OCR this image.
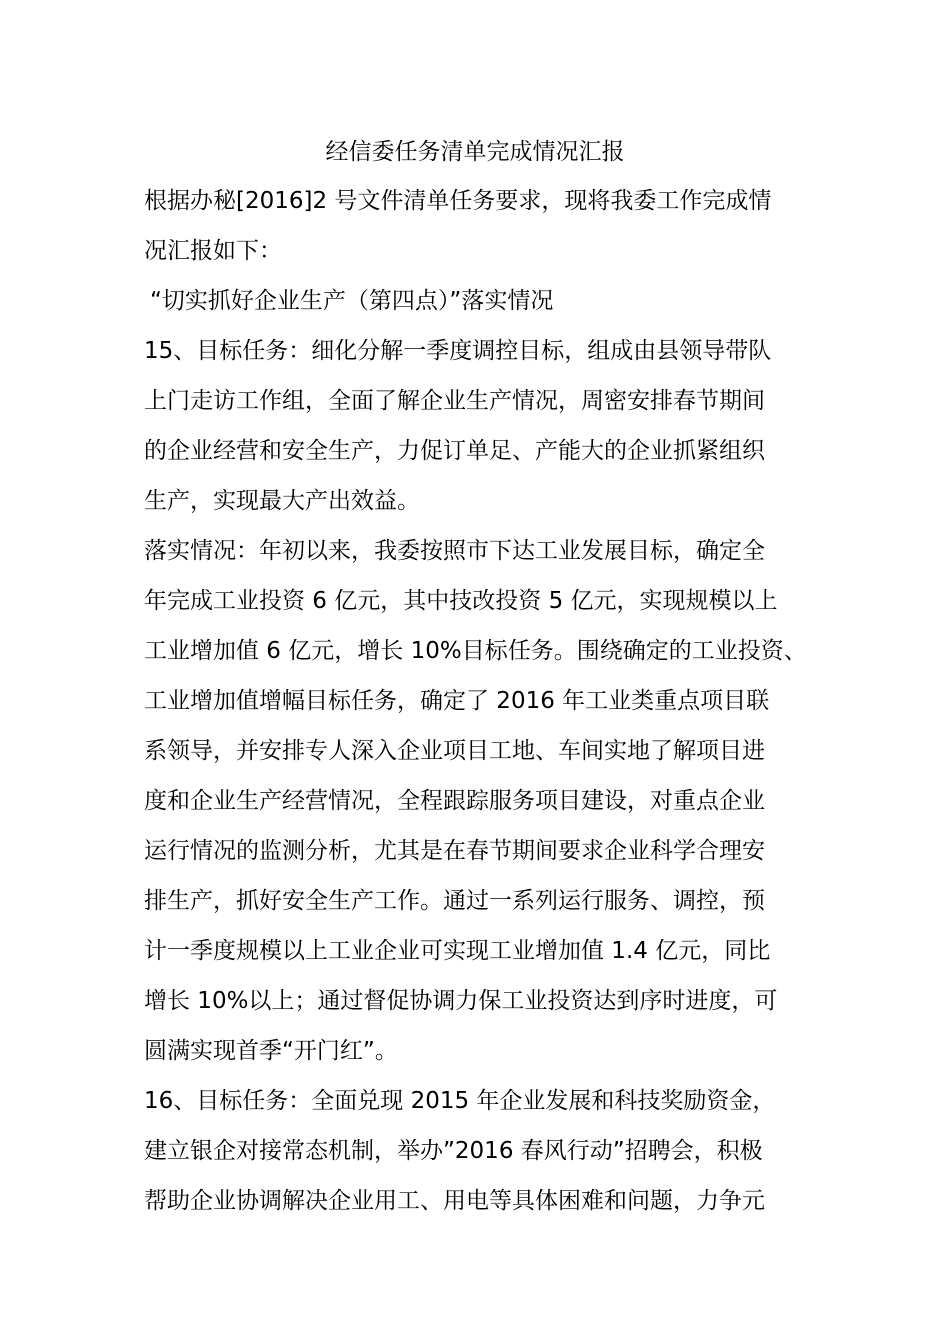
经信委任务清单完成情况汇报
根据办秘[2016]2 号文件清单任务要求，现将我委工作完成情
况汇报如下：
“切实抓好企业生产（第四点）”落实情况
15、目标任务：细化分解一季度调控目标，组成由县领导带队
上门走访工作组，全面了解企业生产情况，周密安排春节期间
的企业经营和安全生产，力促订单足、产能大的企业抓紧组织
生产，实现最大产出效益。
落实情况：年初以来，我委按照市下达工业发展目标，确定全
年完成工业投资 6 亿元，其中技改投资 5 亿元，实现规模以上
工业增加值 6 亿元，增长 10%目标任务。围绕确定的工业投资、
工业增加值增幅目标任务，确定了 2016 年工业类重点项目联
系领导，并安排专人深入企业项目工地、车间实地了解项目进
度和企业生产经营情况，全程跟踪服务项目建设，对重点企业
运行情况的监测分析，尤其是在春节期间要求企业科学合理安
排生产，抓好安全生产工作。通过一系列运行服务、调控，预
计一季度规模以上工业企业可实现工业增加值 1.4 亿元，同比
增长 10%以上；通过督促协调力保工业投资达到序时进度，可
圆满实现首季“开门红”。
16、目标任务：全面兑现 2015 年企业发展和科技奖励资金，
建立银企对接常态机制，举办”2016 春风行动”招聘会，积极
帮助企业协调解决企业用工、用电等具体困难和问题，力争元
